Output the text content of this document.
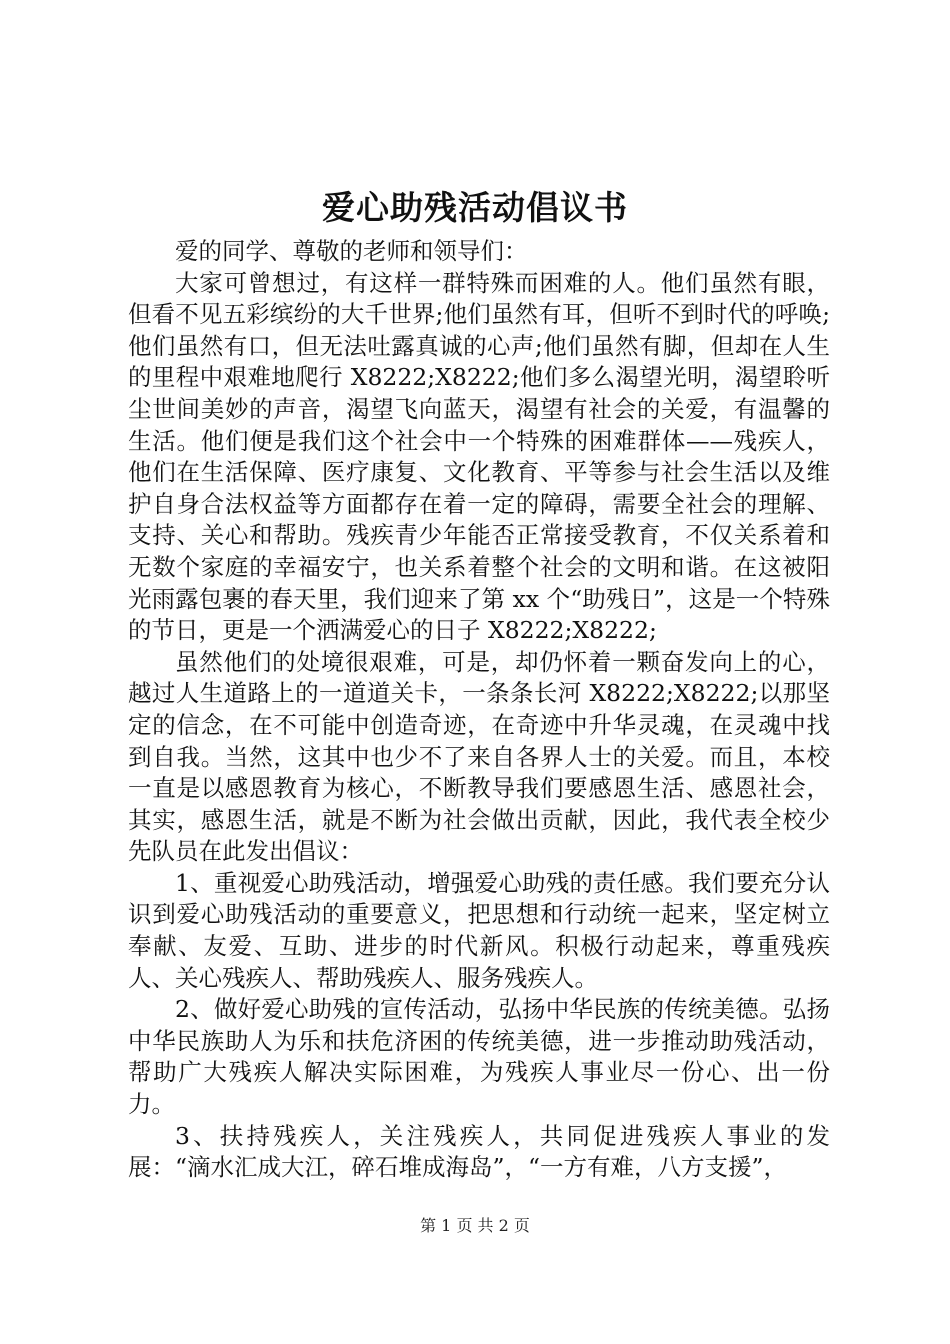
爱心助残活动倡议书

爱的同学、尊敬的老师和领导们：

大家可曾想过，有这样一群特殊而困难的人。他们虽然有眼，但看不见五彩缤纷的大千世界;他们虽然有耳，但听不到时代的呼唤;他们虽然有口，但无法吐露真诚的心声;他们虽然有脚，但却在人生的里程中艰难地爬行 X8222;X8222;他们多么渴望光明，渴望聆听尘世间美妙的声音，渴望飞向蓝天，渴望有社会的关爱，有温馨的生活。他们便是我们这个社会中一个特殊的困难群体——残疾人，他们在生活保障、医疗康复、文化教育、平等参与社会生活以及维护自身合法权益等方面都存在着一定的障碍，需要全社会的理解、支持、关心和帮助。残疾青少年能否正常接受教育，不仅关系着和无数个家庭的幸福安宁，也关系着整个社会的文明和谐。在这被阳光雨露包裹的春天里，我们迎来了第 xx 个“助残日”，这是一个特殊的节日，更是一个洒满爱心的日子 X8222;X8222;

虽然他们的处境很艰难，可是，却仍怀着一颗奋发向上的心，越过人生道路上的一道道关卡，一条条长河 X8222;X8222;以那坚定的信念，在不可能中创造奇迹，在奇迹中升华灵魂，在灵魂中找到自我。当然，这其中也少不了来自各界人士的关爱。而且，本校一直是以感恩教育为核心，不断教导我们要感恩生活、感恩社会，其实，感恩生活，就是不断为社会做出贡献，因此，我代表全校少先队员在此发出倡议：

1、重视爱心助残活动，增强爱心助残的责任感。我们要充分认识到爱心助残活动的重要意义，把思想和行动统一起来，坚定树立奉献、友爱、互助、进步的时代新风。积极行动起来，尊重残疾人、关心残疾人、帮助残疾人、服务残疾人。

2、做好爱心助残的宣传活动，弘扬中华民族的传统美德。弘扬中华民族助人为乐和扶危济困的传统美德，进一步推动助残活动，帮助广大残疾人解决实际困难，为残疾人事业尽一份心、出一份力。

3、扶持残疾人，关注残疾人，共同促进残疾人事业的发展：“滴水汇成大江，碎石堆成海岛”，“一方有难，八方支援”，

第 1 页 共 2 页
